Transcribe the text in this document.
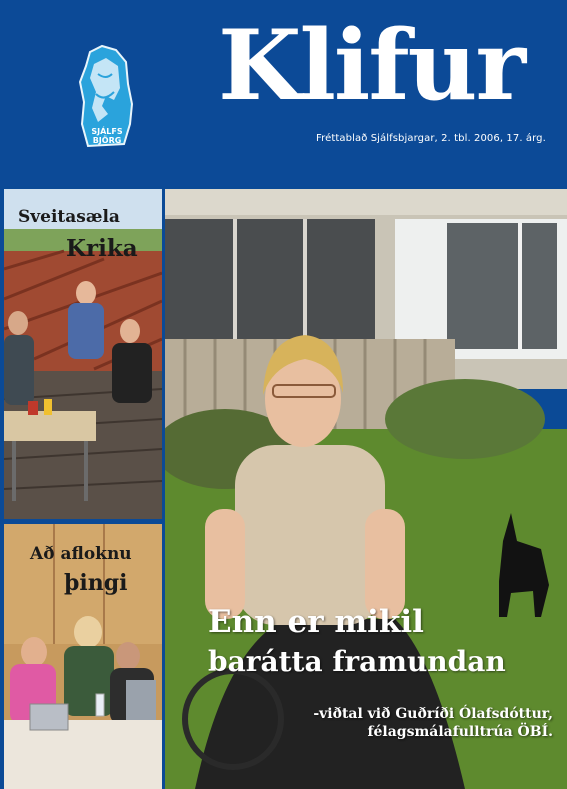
SJÁLFS
BJÖRG
Klifur
Fréttablað Sjálfsbjargar, 2. tbl. 2006, 17. árg.
Sveitasæla
Krika
Að afloknu
þingi
Enn er mikil
barátta framundan
-viðtal við Guðríði Ólafsdóttur,
félagsmálafulltrúa ÖBÍ.
